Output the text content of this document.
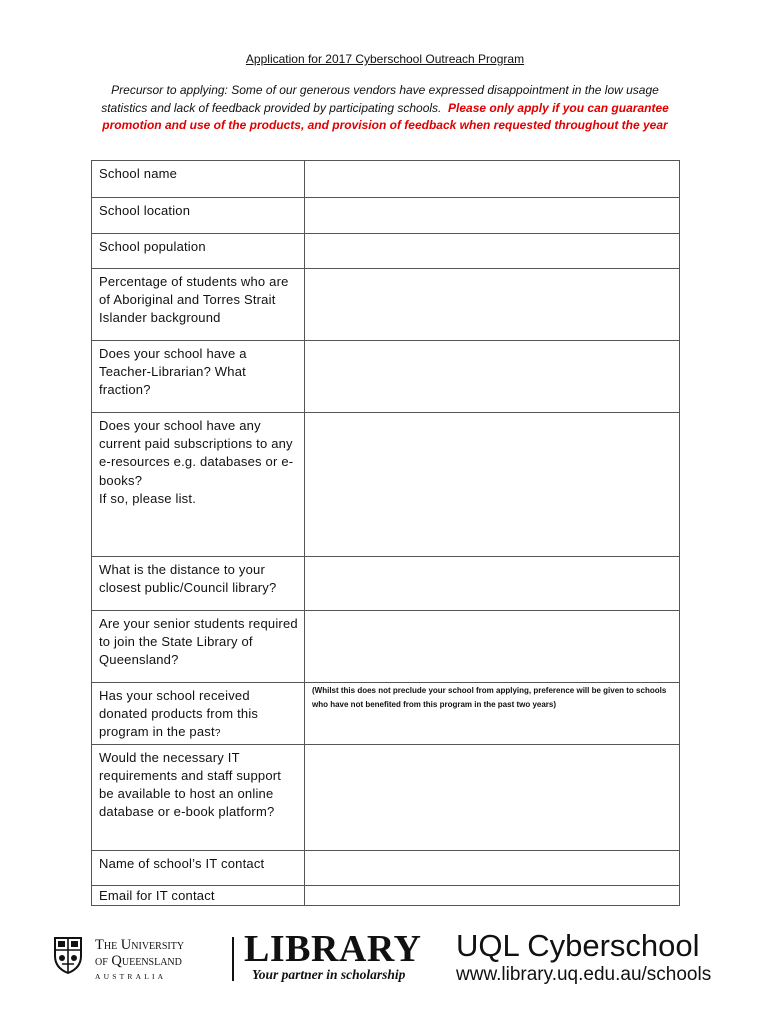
Application for 2017 Cyberschool Outreach Program
Precursor to applying: Some of our generous vendors have expressed disappointment in the low usage statistics and lack of feedback provided by participating schools. Please only apply if you can guarantee promotion and use of the products, and provision of feedback when requested throughout the year
School name	
School location	
School population	
Percentage of students who are of Aboriginal and Torres Strait Islander background	
Does your school have a Teacher-Librarian? What fraction?	
Does your school have any current paid subscriptions to any e-resources e.g. databases or e-books?
If so, please list.	
What is the distance to your closest public/Council library?	
Are your senior students required to join the State Library of Queensland?	
Has your school received donated products from this program in the past?	(Whilst this does not preclude your school from applying, preference will be given to schools who have not benefited from this program in the past two years)
Would the necessary IT requirements and staff support be available to host an online database or e-book platform?	
Name of school’s IT contact	
Email for IT contact	
The University
of Queensland
AUSTRALIA
LIBRARY
Your partner in scholarship
UQL Cyberschool
www.library.uq.edu.au/schools
